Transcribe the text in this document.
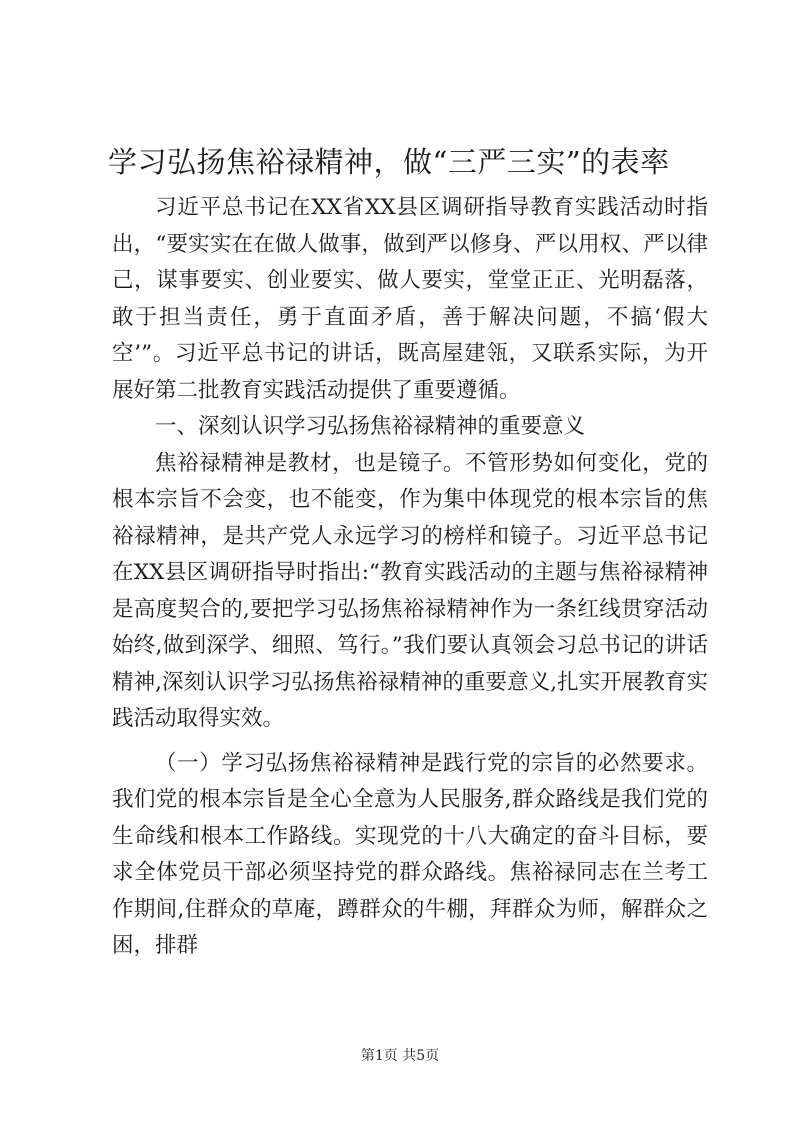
学习弘扬焦裕禄精神，做“三严三实”的表率

习近平总书记在XX省XX县区调研指导教育实践活动时指出，“要实实在在做人做事，做到严以修身、严以用权、严以律己，谋事要实、创业要实、做人要实，堂堂正正、光明磊落，敢于担当责任，勇于直面矛盾，善于解决问题，不搞‘假大空’”。习近平总书记的讲话，既高屋建瓴，又联系实际，为开展好第二批教育实践活动提供了重要遵循。

一、深刻认识学习弘扬焦裕禄精神的重要意义

焦裕禄精神是教材，也是镜子。不管形势如何变化，党的根本宗旨不会变，也不能变，作为集中体现党的根本宗旨的焦裕禄精神，是共产党人永远学习的榜样和镜子。习近平总书记在XX县区调研指导时指出:“教育实践活动的主题与焦裕禄精神是高度契合的,要把学习弘扬焦裕禄精神作为一条红线贯穿活动始终,做到深学、细照、笃行。”我们要认真领会习总书记的讲话精神,深刻认识学习弘扬焦裕禄精神的重要意义,扎实开展教育实践活动取得实效。

（一）学习弘扬焦裕禄精神是践行党的宗旨的必然要求。我们党的根本宗旨是全心全意为人民服务,群众路线是我们党的生命线和根本工作路线。实现党的十八大确定的奋斗目标，要求全体党员干部必须坚持党的群众路线。焦裕禄同志在兰考工作期间,住群众的草庵，蹲群众的牛棚，拜群众为师，解群众之困，排群

第1页 共5页
